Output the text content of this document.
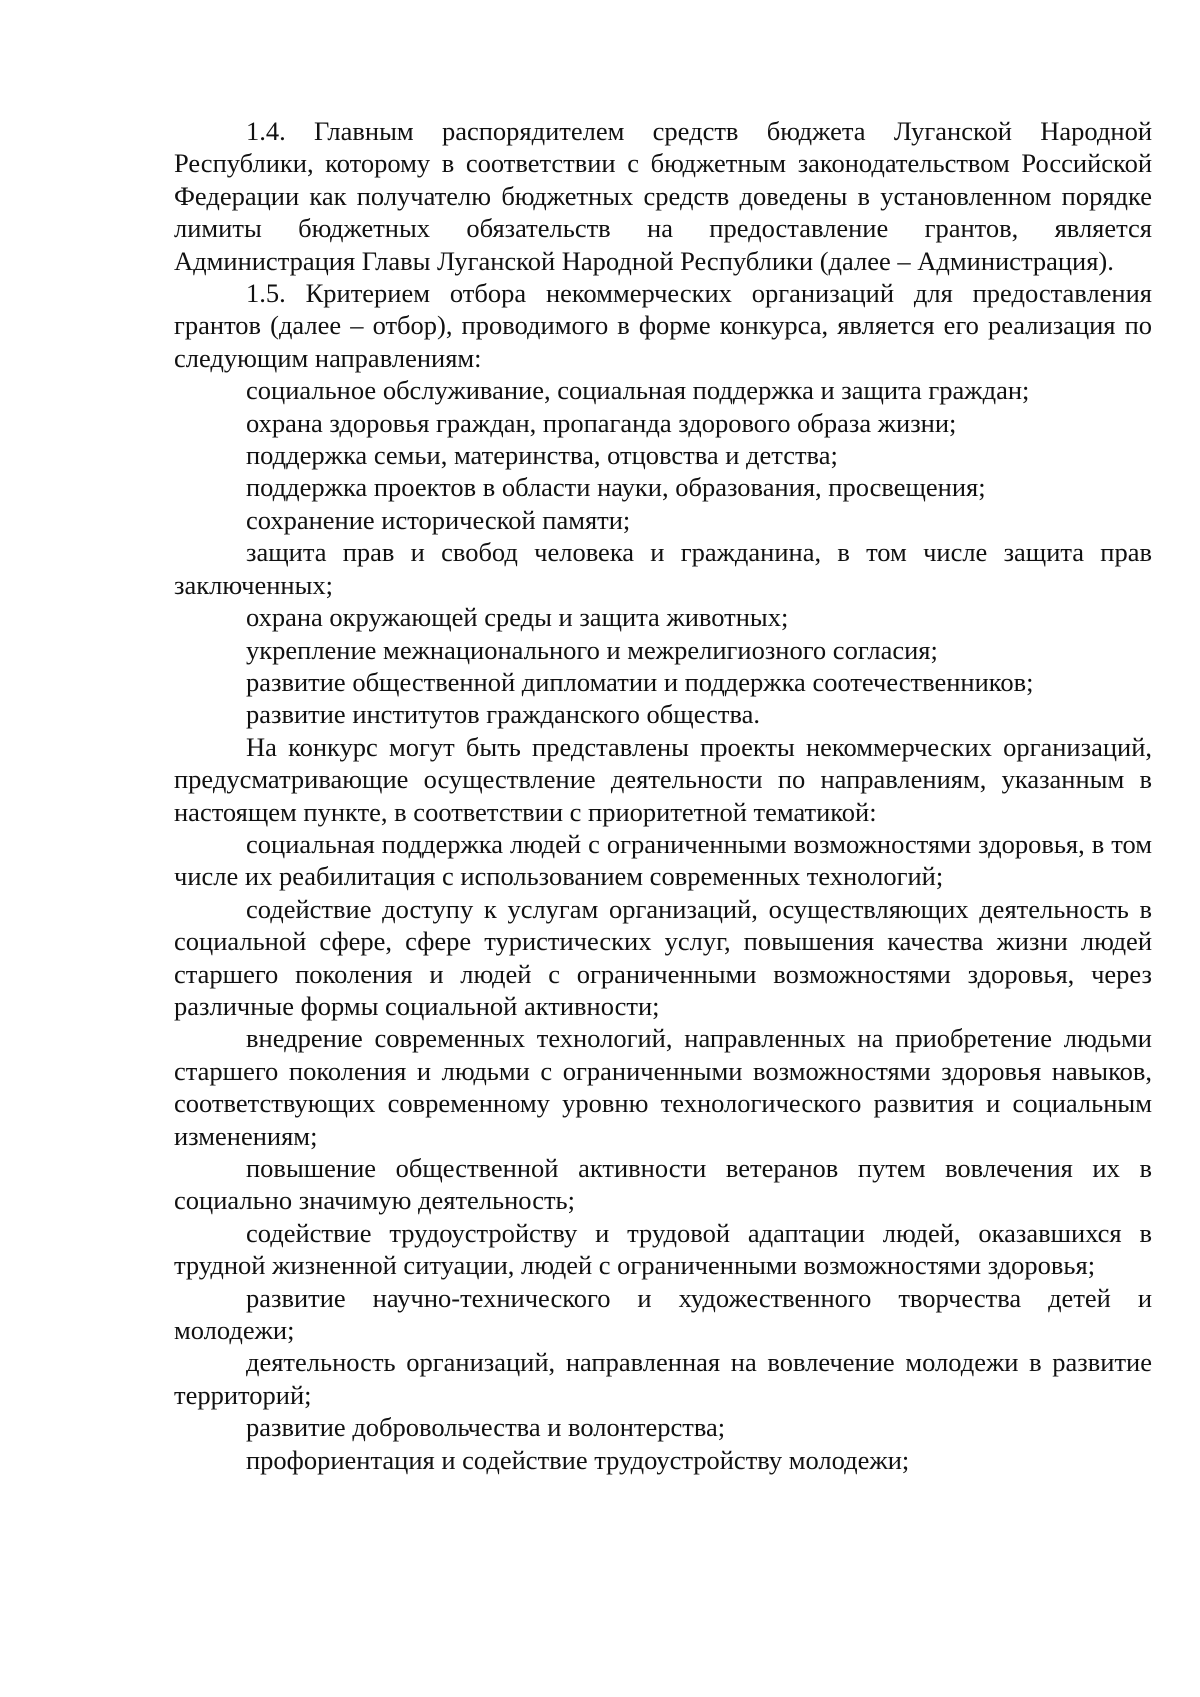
1.4. Главным распорядителем средств бюджета Луганской Народной Республики, которому в соответствии с бюджетным законодательством Российской Федерации как получателю бюджетных средств доведены в установленном порядке лимиты бюджетных обязательств на предоставление грантов, является Администрация Главы Луганской Народной Республики (далее – Администрация).

1.5. Критерием отбора некоммерческих организаций для предоставления грантов (далее – отбор), проводимого в форме конкурса, является его реализация по следующим направлениям:

социальное обслуживание, социальная поддержка и защита граждан;

охрана здоровья граждан, пропаганда здорового образа жизни;

поддержка семьи, материнства, отцовства и детства;

поддержка проектов в области науки, образования, просвещения;

сохранение исторической памяти;

защита прав и свобод человека и гражданина, в том числе защита прав заключенных;

охрана окружающей среды и защита животных;

укрепление межнационального и межрелигиозного согласия;

развитие общественной дипломатии и поддержка соотечественников;

развитие институтов гражданского общества.

На конкурс могут быть представлены проекты некоммерческих организаций, предусматривающие осуществление деятельности по направлениям, указанным в настоящем пункте, в соответствии с приоритетной тематикой:

социальная поддержка людей с ограниченными возможностями здоровья, в том числе их реабилитация с использованием современных технологий;

содействие доступу к услугам организаций, осуществляющих деятельность в социальной сфере, сфере туристических услуг, повышения качества жизни людей старшего поколения и людей с ограниченными возможностями здоровья, через различные формы социальной активности;

внедрение современных технологий, направленных на приобретение людьми старшего поколения и людьми с ограниченными возможностями здоровья навыков, соответствующих современному уровню технологического развития и социальным изменениям;

повышение общественной активности ветеранов путем вовлечения их в социально значимую деятельность;

содействие трудоустройству и трудовой адаптации людей, оказавшихся в трудной жизненной ситуации, людей с ограниченными возможностями здоровья;

развитие научно-технического и художественного творчества детей и молодежи;

деятельность организаций, направленная на вовлечение молодежи в развитие территорий;

развитие добровольчества и волонтерства;

профориентация и содействие трудоустройству молодежи;
